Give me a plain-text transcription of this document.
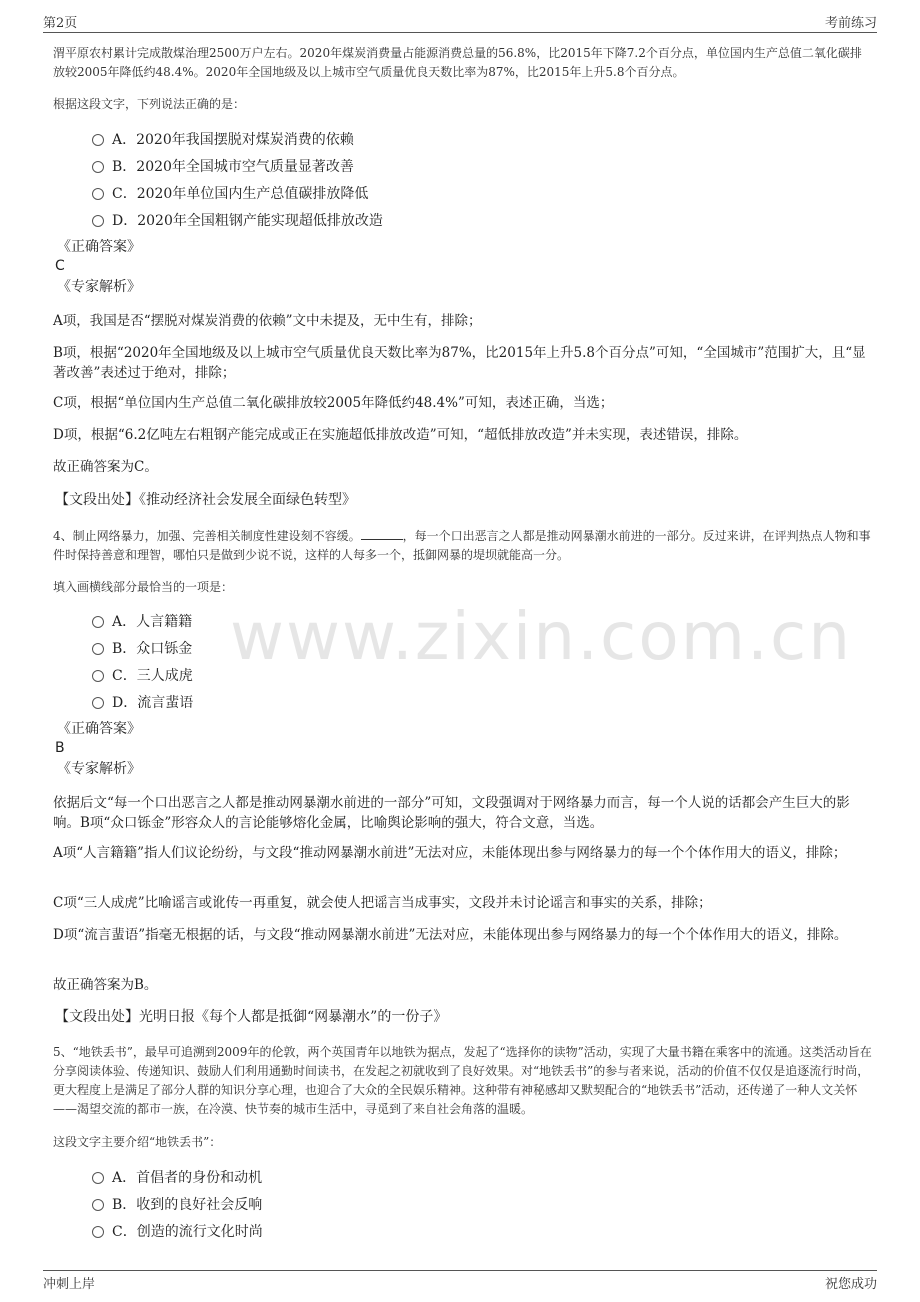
第2页	考前练习
www.zixin.com.cn

渭平原农村累计完成散煤治理2500万户左右。2020年煤炭消费量占能源消费总量的56.8%，比2015年下降7.2个百分点，单位国内生产总值二氧化碳排放较2005年降低约48.4%。2020年全国地级及以上城市空气质量优良天数比率为87%，比2015年上升5.8个百分点。

根据这段文字，下列说法正确的是：

A．2020年我国摆脱对煤炭消费的依赖
B．2020年全国城市空气质量显著改善
C．2020年单位国内生产总值碳排放降低
D．2020年全国粗钢产能实现超低排放改造
《正确答案》
C
《专家解析》

A项，我国是否“摆脱对煤炭消费的依赖”文中未提及，无中生有，排除；

B项，根据“2020年全国地级及以上城市空气质量优良天数比率为87%，比2015年上升5.8个百分点”可知，“全国城市”范围扩大，且“显著改善”表述过于绝对，排除；

C项，根据“单位国内生产总值二氧化碳排放较2005年降低约48.4%”可知，表述正确，当选；

D项，根据“6.2亿吨左右粗钢产能完成或正在实施超低排放改造”可知，“超低排放改造”并未实现，表述错误，排除。

故正确答案为C。

【文段出处】《推动经济社会发展全面绿色转型》

4、制止网络暴力，加强、完善相关制度性建设刻不容缓。	，每一个口出恶言之人都是推动网暴潮水前进的一部分。反过来讲，在评判热点人物和事件时保持善意和理智，哪怕只是做到少说不说，这样的人每多一个，抵御网暴的堤坝就能高一分。

填入画横线部分最恰当的一项是：

A．人言籍籍
B．众口铄金
C．三人成虎
D．流言蜚语
《正确答案》
B
《专家解析》

依据后文“每一个口出恶言之人都是推动网暴潮水前进的一部分”可知，文段强调对于网络暴力而言，每一个人说的话都会产生巨大的影响。B项“众口铄金”形容众人的言论能够熔化金属，比喻舆论影响的强大，符合文意，当选。

A项“人言籍籍”指人们议论纷纷，与文段“推动网暴潮水前进”无法对应，未能体现出参与网络暴力的每一个个体作用大的语义，排除；

C项“三人成虎”比喻谣言或讹传一再重复，就会使人把谣言当成事实，文段并未讨论谣言和事实的关系，排除；

D项“流言蜚语”指毫无根据的话，与文段“推动网暴潮水前进”无法对应，未能体现出参与网络暴力的每一个个体作用大的语义，排除。

故正确答案为B。

【文段出处】光明日报《每个人都是抵御“网暴潮水”的一份子》

5、“地铁丢书”，最早可追溯到2009年的伦敦，两个英国青年以地铁为据点，发起了“选择你的读物”活动，实现了大量书籍在乘客中的流通。这类活动旨在分享阅读体验、传递知识、鼓励人们利用通勤时间读书，在发起之初就收到了良好效果。对“地铁丢书”的参与者来说，活动的价值不仅仅是追逐流行时尚，更大程度上是满足了部分人群的知识分享心理，也迎合了大众的全民娱乐精神。这种带有神秘感却又默契配合的“地铁丢书”活动，还传递了一种人文关怀——渴望交流的都市一族，在冷漠、快节奏的城市生活中，寻觅到了来自社会角落的温暖。

这段文字主要介绍“地铁丢书”：

A．首倡者的身份和动机
B．收到的良好社会反响
C．创造的流行文化时尚
冲刺上岸	祝您成功
